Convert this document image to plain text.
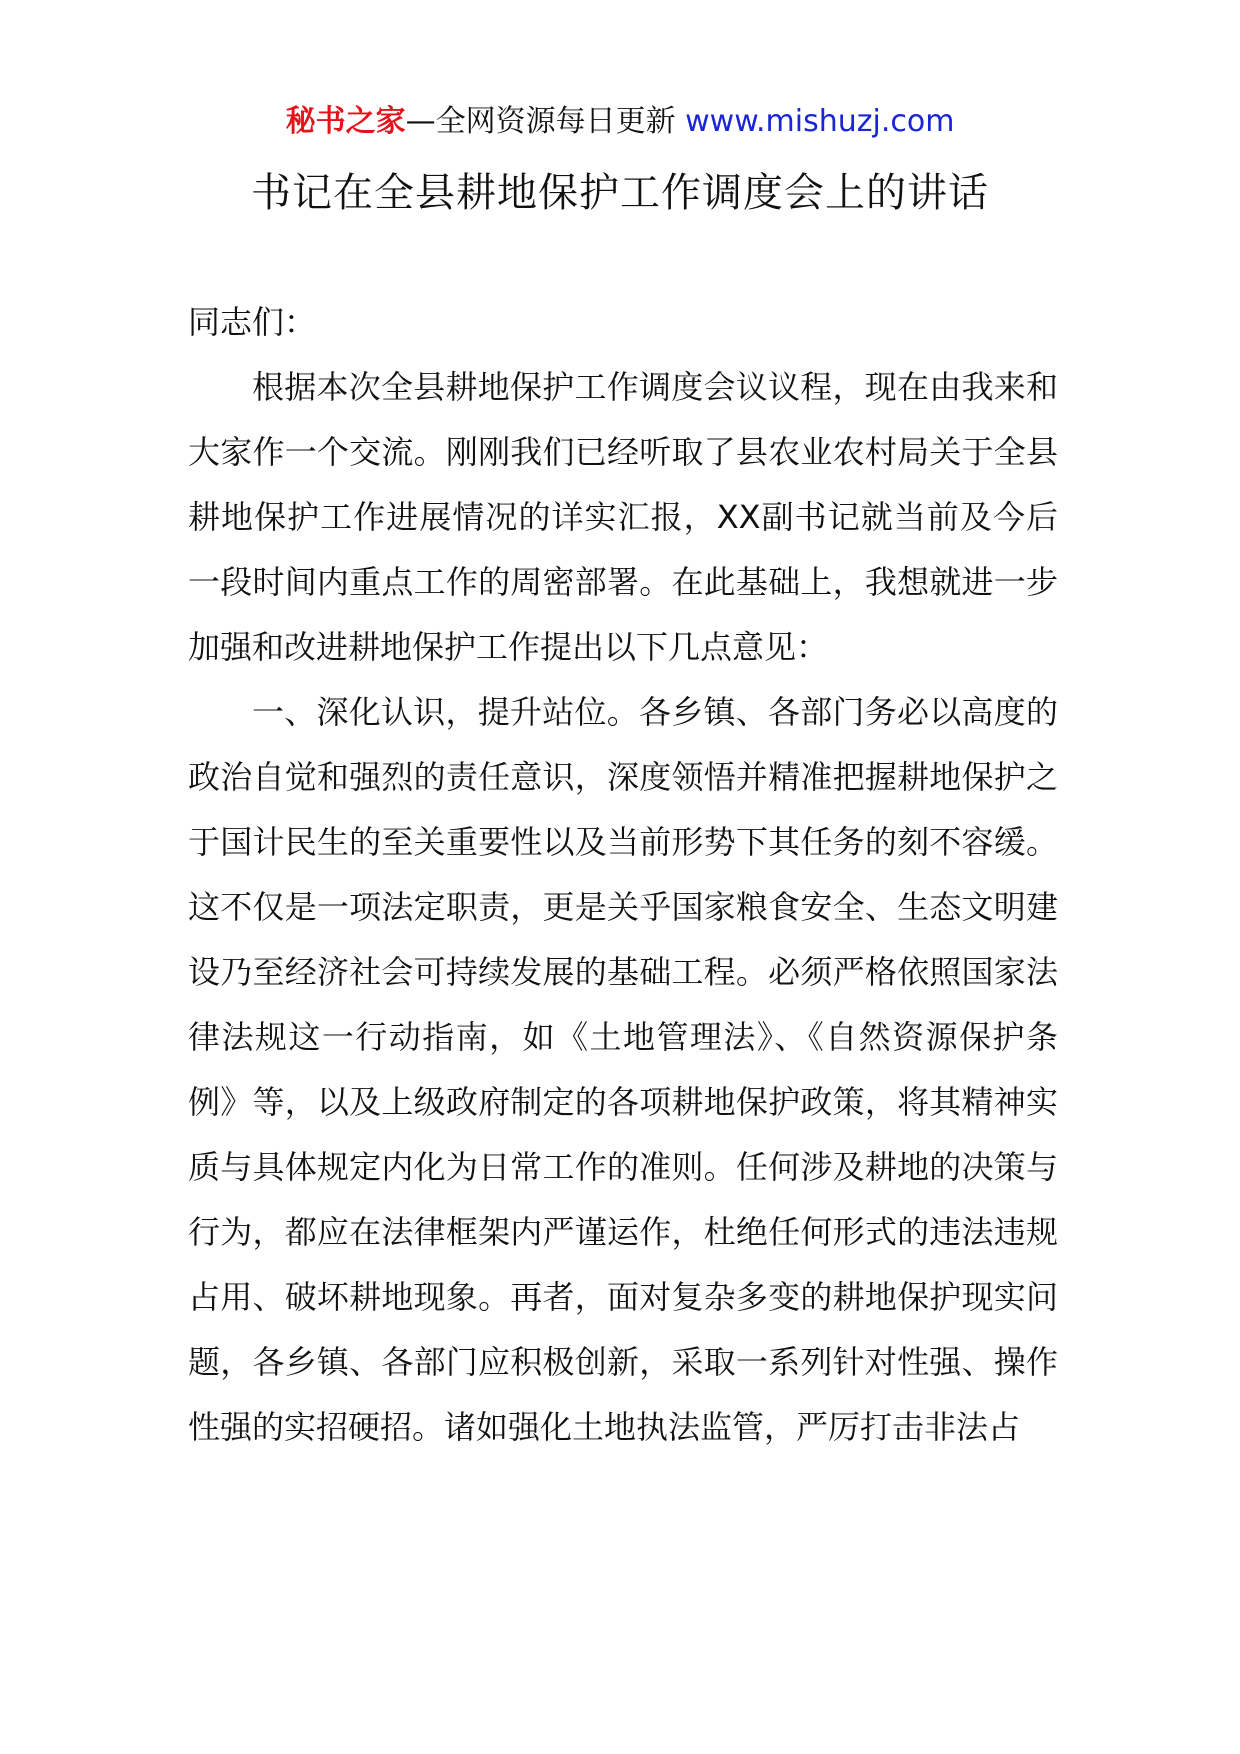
秘书之家—全网资源每日更新 www.mishuzj.com
书记在全县耕地保护工作调度会上的讲话

同志们：

根据本次全县耕地保护工作调度会议议程，现在由我来和大家作一个交流。刚刚我们已经听取了县农业农村局关于全县耕地保护工作进展情况的详实汇报，XX副书记就当前及今后一段时间内重点工作的周密部署。在此基础上，我想就进一步加强和改进耕地保护工作提出以下几点意见：

一、深化认识，提升站位。各乡镇、各部门务必以高度的政治自觉和强烈的责任意识，深度领悟并精准把握耕地保护之于国计民生的至关重要性以及当前形势下其任务的刻不容缓。这不仅是一项法定职责，更是关乎国家粮食安全、生态文明建设乃至经济社会可持续发展的基础工程。必须严格依照国家法律法规这一行动指南，如《土地管理法》、《自然资源保护条例》等，以及上级政府制定的各项耕地保护政策，将其精神实质与具体规定内化为日常工作的准则。任何涉及耕地的决策与行为，都应在法律框架内严谨运作，杜绝任何形式的违法违规占用、破坏耕地现象。再者，面对复杂多变的耕地保护现实问题，各乡镇、各部门应积极创新，采取一系列针对性强、操作性强的实招硬招。诸如强化土地执法监管，严厉打击非法占
